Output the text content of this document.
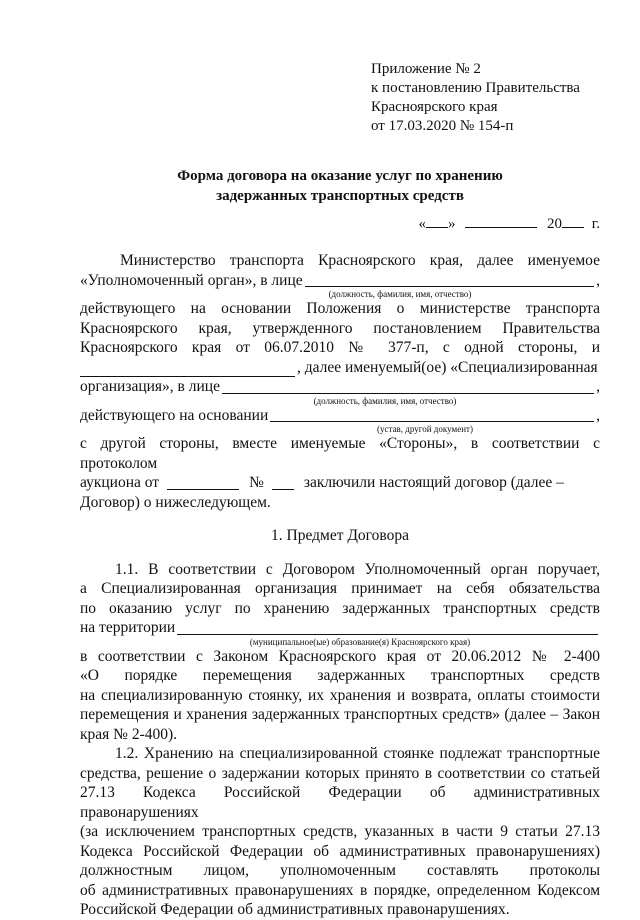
Приложение № 2
к постановлению Правительства
Красноярского края
от 17.03.2020 № 154-п
Форма договора на оказание услуг по хранению
задержанных транспортных средств
« »	20 г.
Министерство транспорта Красноярского края, далее именуемое
«Уполномоченный орган», в лице	,
(должность, фамилия, имя, отчество)
действующего на основании Положения о министерстве транспорта
Красноярского края, утвержденного постановлением Правительства
Красноярского края от 06.07.2010 № 377-п, с одной стороны, и
, далее именуемый(ое) «Специализированная
организация», в лице	,
(должность, фамилия, имя, отчество)
действующего на основании	,
(устав, другой документ)
с другой стороны, вместе именуемые «Стороны», в соответствии с протоколом
аукциона от	№	заключили настоящий договор (далее –
Договор) о нижеследующем.
1. Предмет Договора
1.1. В соответствии с Договором Уполномоченный орган поручает,
а Специализированная организация принимает на себя обязательства
по оказанию услуг по хранению задержанных транспортных средств
на территории
(муниципальное(ые) образование(я) Красноярского края)
в соответствии с Законом Красноярского края от 20.06.2012 № 2-400
«О порядке перемещения задержанных транспортных средств
на специализированную стоянку, их хранения и возврата, оплаты стоимости
перемещения и хранения задержанных транспортных средств» (далее – Закон
края № 2-400).
1.2. Хранению на специализированной стоянке подлежат транспортные
средства, решение о задержании которых принято в соответствии со статьей
27.13 Кодекса Российской Федерации об административных правонарушениях
(за исключением транспортных средств, указанных в части 9 статьи 27.13
Кодекса Российской Федерации об административных правонарушениях)
должностным лицом, уполномоченным составлять протоколы
об административных правонарушениях в порядке, определенном Кодексом
Российской Федерации об административных правонарушениях.
